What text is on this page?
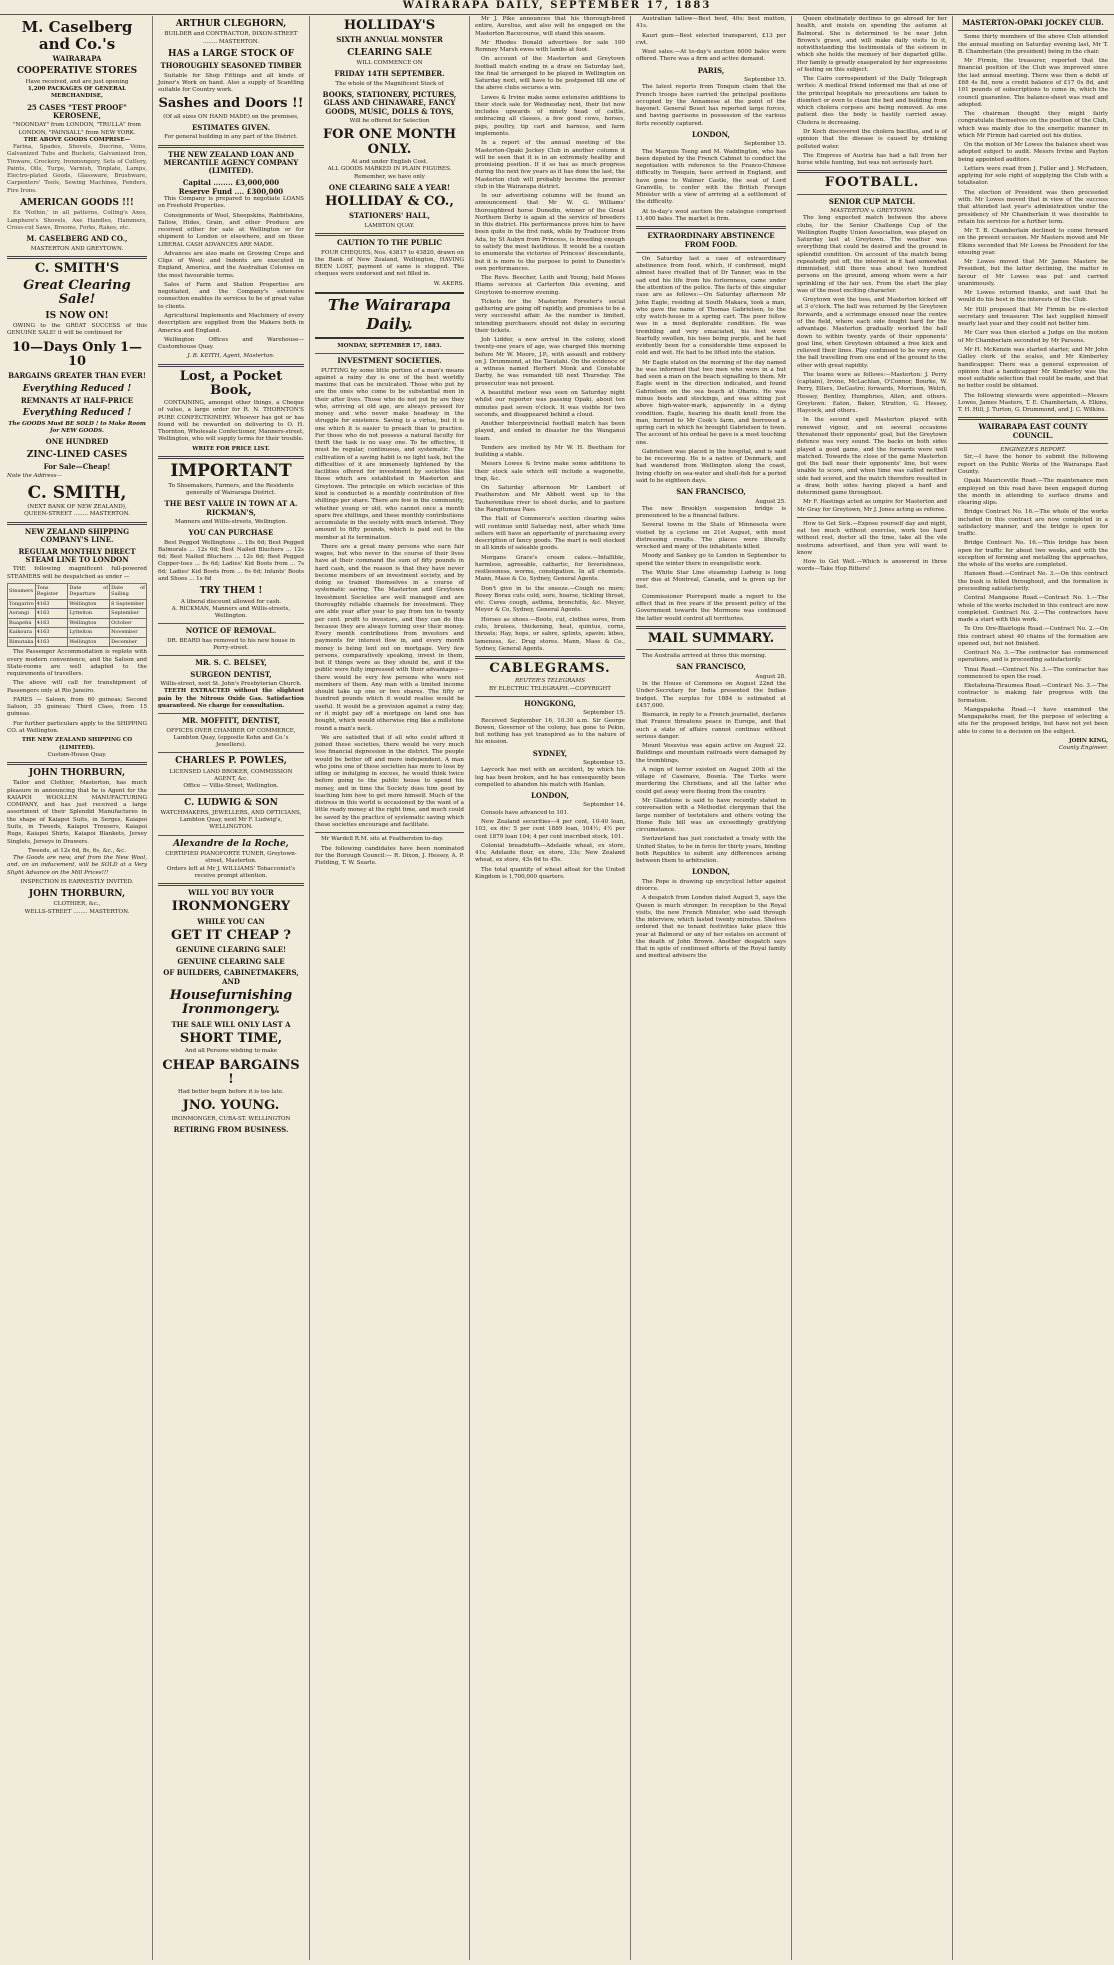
WAIRARAPA DAILY, SEPTEMBER 17, 1883
M. Caselberg and Co.'s
WAIRARAPA
COOPERATIVE STORES
Have received, and are just opening
1,200 PACKAGES OF GENERAL MERCHANDISE,
25 CASES "TEST PROOF" KEROSENE,
"NOONDAY" from LONDON, "TRULLA" from LONDON, "PAINSALL" from NEW YORK.
THE ABOVE GOODS COMPRISE—

Farina, Spades, Shovels, Ducrine, Veins, Galvanized Tubs and Buckets, Galvanized Iron, Tinware, Crockery, Ironmongery, Sets of Cutlery, Paints, Oils, Turps, Varnish, Tinplate, Lamps, Electro-plated Goods, Glassware, Brushware, Carpenters' Tools, Sewing Machines, Fenders, Fire Irons.

AMERICAN GOODS !!!

Ex 'Nothin,' in all patterns, Colling's Axes, Lanphere's Shovels, Axe Handles, Hammers, Cross-cut Saws, Brooms, Forks, Rakes, etc.

M. CASELBERG AND CO.,
MASTERTON AND GREYTOWN.
C. SMITH'S
Great Clearing Sale!
IS NOW ON!

OWING to the GREAT SUCCESS of this GENUINE SALE! it will be continued for

10—Days Only 1—10
BARGAINS GREATER THAN EVER!
Everything Reduced !
REMNANTS AT HALF-PRICE
Everything Reduced !
The GOODS Must BE SOLD ! to Make Room for NEW GOODS.
ONE HUNDRED
ZINC-LINED CASES
For Sale—Cheap!
Note the Address—
C. SMITH,
(NEXT BANK OF NEW ZEALAND),
QUEEN-STREET ........ MASTERTON.
NEW ZEALAND SHIPPING COMPANY'S LINE.
REGULAR MONTHLY DIRECT STEAM LINE TO LONDON

THE following magnificent full-powered STEAMERS will be despatched as under —

Steamers	Tons Register	Date of Departure	Date of Sailing
Tongariro	4163	Wellington	8 September
Aorangi	4163	Lyttelton	September
Ruapehu	4163	Wellington	October
Kaikoura	4163	Lyttelton	November
Rimutaka	4163	Wellington	December

The Passenger Accommodation is replete with every modern convenience, and the Saloon and State-rooms are well adapted to the requirements of travellers.

The above will call for transhipment of Passengers only at Rio Janeiro.

FARES — Saloon, from 60 guineas; Second Saloon, 35 guineas; Third Class, from 15 guineas.

For further particulars apply to the SHIPPING CO. at Wellington.

THE NEW ZEALAND SHIPPING CO (LIMITED).
Custom-House Quay.
JOHN THORBURN,

Tailor and Clothier, Masterton, has much pleasure in announcing that he is Agent for the KAIAPOI WOOLLEN MANUFACTURING COMPANY, and has just received a large assortment of their Splendid Manufactures in the shape of Kaiapoi Suits, in Serges, Kaiapoi Suits, in Tweeds, Kaiapoi Trousers, Kaiapoi Rugs, Kaiapoi Shirts, Kaiapoi Blankets, Jersey Singlets, Jerseys in Drawers.

Tweeds, at 12s 6d, 8s, 6s, &c., &c.

The Goods are new, and from the New Wool, and, on an inducement, will be SOLD at a Very Slight Advance on the Mill Prices!!!

INSPECTION IS EARNESTLY INVITED.
JOHN THORBURN,
CLOTHIER, &c.,
WELLS-STREET ........ MASTERTON.
ARTHUR CLEGHORN,
BUILDER and CONTRACTOR, DIXON-STREET ........ MASTERTON.
HAS a LARGE STOCK OF
THOROUGHLY SEASONED TIMBER

Suitable for Shop Fittings and all kinds of Joiner's Work on hand. Also a supply of Scantling suitable for Country work.

Sashes and Doors !!
(Of all sizes ON HAND MADE) on the premises,
ESTIMATES GIVEN.
For general building in any part of the District.
THE NEW ZEALAND LOAN AND MERCANTILE AGENCY COMPANY (LIMITED).
Capital ........ £3,000,000
Reserve Fund .... £300,000

This Company is prepared to negotiate LOANS on Freehold Properties.

Consignments of Wool, Sheepskins, Rabbitskins, Tallow, Hides, Grain, and other Produce are received either for sale at Wellington or for shipment to London or elsewhere, and on these LIBERAL CASH ADVANCES ARE MADE.

Advances are also made on Growing Crops and Clips of Wool; and Indents are executed in England, America, and the Australian Colonies on the most favourable terms.

Sales of Farm and Station Properties are negotiated, and the Company's extensive connection enables its services to be of great value to clients.

Agricultural Implements and Machinery of every description are supplied from the Makers both in America and England.

Wellington Offices and Warehouse—Customhouse Quay.

J. B. KEITH, Agent, Masterton.
Lost, a Pocket Book,

CONTAINING, amongst other things, a Cheque of value, a large order for R. N. THORNTON'S PURE CONFECTIONERY. Whoever has got or has found will be rewarded on delivering to O. H. Thornton, Wholesale Confectioner, Manners-street, Wellington, who will supply terms for their trouble.

WRITE FOR PRICE LIST.
IMPORTANT
To Shoemakers, Farmers, and the Residents generally of Wairarapa District.
THE BEST VALUE IN TOWN AT A. RICKMAN'S,
Manners and Willis-streets, Wellington.
YOU CAN PURCHASE

Best Pegged Wellingtons ... 18s 6d; Best Pegged Balmorals ... 12s 6d; Best Nailed Bluchers ... 12s 6d; Best Nailed Bluchers ... 12s 6d; Best Pegged Copper-toes ... 8s 6d; Ladies' Kid Boots from ... 7s 6d; Ladies' Kid Boots from ... 6s 6d; Infants' Boots and Shoes ... 1s 6d

TRY THEM !
A liberal discount allowed for cash.
A. RICKMAN, Manners and Willis-streets, Wellington.
NOTICE OF REMOVAL.
DR. BEARD has removed to his new house in Perry-street.
MR. S. C. BELSEY,
SURGEON DENTIST,
Willis-street, next St. John's Presbyterian Church.

TEETH EXTRACTED without the slightest pain by the Nitrous Oxide Gas. Satisfaction guaranteed. No charge for consultation.

MR. MOFFITT, DENTIST,
OFFICES OVER CHAMBER OF COMMERCE,
Lambton Quay, (opposite Kohn and Co.'s Jewellers).
CHARLES P. POWLES,
LICENSED LAND BROKER, COMMISSION AGENT, &c.
Office — Villis-Street, Wellington.
C. LUDWIG & SON
WATCHMAKERS, JEWELLERS, AND OPTICIANS,
Lambton Quay, next Mr F. Ludwig's, WELLINGTON.
Alexandre de la Roche,
CERTIFIED PIANOFORTE TUNER, Greytown-street, Masterton.
Orders left at Mr J. WILLIAMS' Tobacconist's receive prompt attention.
WILL YOU BUY YOUR
IRONMONGERY
WHILE YOU CAN
GET IT CHEAP ?
GENUINE CLEARING SALE!
GENUINE CLEARING SALE
OF BUILDERS, CABINETMAKERS, AND
Housefurnishing Ironmongery.
THE SALE WILL ONLY LAST A
SHORT TIME,
And all Persons wishing to make
CHEAP BARGAINS !
Had better begin before it is too late.
JNO. YOUNG.
IRONMONGER, CUBA-ST. WELLINGTON
RETIRING FROM BUSINESS.
HOLLIDAY'S
SIXTH ANNUAL MONSTER
CLEARING SALE
WILL COMMENCE ON
FRIDAY 14TH SEPTEMBER.
The whole of the Magnificent Stock of
BOOKS, STATIONERY, PICTURES, GLASS AND CHINAWARE, FANCY GOODS, MUSIC, DOLLS & TOYS,
Will be offered for Selection
FOR ONE MONTH ONLY.
At and under English Cost.
ALL GOODS MARKED IN PLAIN FIGURES. Remember, we have only
ONE CLEARING SALE A YEAR!
HOLLIDAY & CO.,
STATIONERS' HALL,
LAMBTON QUAY.
CAUTION TO THE PUBLIC

FOUR CHEQUES, Nos. 43817 to 43820, drawn on the Bank of New Zealand, Wellington, HAVING BEEN LOST, payment of same is stopped. The cheques were endorsed and not filled in.

W. AKERS.
The Wairarapa Daily.
MONDAY, SEPTEMBER 17, 1883.
INVESTMENT SOCIETIES.

PUTTING by some little portion of a man's means against a rainy day is one of the best worldly maxims that can be inculcated. Those who put by are the ones who come to be substantial men in their after lives. Those who do not put by are they who, arriving at old age, are always pressed for money and who never make headway in the struggle for existence. Saving is a virtue, but it is one which it is easier to preach than to practice. For those who do not possess a natural faculty for thrift the task is no easy one. To be effective, it must be regular, continuous, and systematic. The cultivation of a saving habit is no light task, but the difficulties of it are immensely lightened by the facilities offered for investment by societies like those which are established in Masterton and Greytown. The principle on which societies of this kind is conducted is a monthly contribution of five shillings per share. There are few in the community, whether young or old, who cannot once a month spare five shillings, and these monthly contributions accumulate in the society with much interest. They amount to fifty pounds, which is paid out to the member at its termination.

There are a great many persons who earn fair wages, but who never in the course of their lives have at their command the sum of fifty pounds in hard cash, and the reason is that they have never become members of an investment society, and by doing so trained themselves in a course of systematic saving. The Masterton and Greytown Investment Societies are well managed and are thoroughly reliable channels for investment. They are able year after year to pay from ten to twenty per cent. profit to investors, and they can do this because they are always turning over their money. Every month contributions from investors and payments for interest flow in, and every month money is being lent out on mortgage. Very few persons, comparatively speaking, invest in them, but if things were as they should be, and if the public were fully impressed with their advantages—there would be very few persons who were not members of them. Any man with a limited income should take up one or two shares. The fifty or hundred pounds which it would realise would be useful. It would be a provision against a rainy day, or it might pay off a mortgage on land one has bought, which would otherwise ring like a millstone round a man's neck.

We are satisfied that if all who could afford it joined these societies, there would be very much less financial depression in the district. The people would be better off and more independent. A man who joins one of these societies has more to lose by idling or indulging in excess, he would think twice before going to the public house to spend his money, and in time the Society does him good by teaching him how to get more himself. Much of the distress in this world is occasioned by the want of a little ready money at the right time, and much could be saved by the practice of systematic saving which these societies encourage and facilitate.

Mr Wardell R.M. sits at Featherston to-day.

The following candidates have been nominated for the Borough Council:— R. Dixon, J. Hessey, A. P. Fielding, T. W. Searle.

Mr J. Pike announces that his thorough-bred entire, Aurelius, and also will be engaged on the Masterton Racecourse, will stand this season.

Mr Rhodes Donald advertises for sale 100 Romney Marsh ewes with lambs at foot.

On account of the Masterton and Greytown football match ending in a draw on Saturday last, the final tie arranged to be played in Wellington on Saturday next, will have to be postponed till one of the above clubs secures a win.

Lowes & Irvine make some extensive additions to their stock sale for Wednesday next, their list now includes upwards of ninety head of cattle, embracing all classes, a few good cows, horses, pigs, poultry, tip cart and harness, and farm implements.

In a report of the annual meeting of the Masterton-Opaki Jockey Club in another column it will be seen that it is in an extremely healthy and promising position. If it so has as much progress during the next few years as it has done the last, the Masterton club will probably become the premier club in the Wairarapa district.

In our advertising columns will be found an announcement that Mr W. G. Williams' thoroughbred horse Dunedin, winner of the Great Northern Derby is again at the service of breeders in this district. His performances prove him to have been quite in the first rank, while by Traducer from Ada, by St Aubyn from Princess, is breeding enough to satisfy the most fastidious. It would be a caution to enumerate the victories of Princess' descendants, but it is more to the purpose to point to Dunedin's own performances.

The Revs. Beecher, Leith and Young, held Moses Hiams services at Carterton this evening, and Greytown to-morrow evening.

Tickets for the Masterton Forester's social gathering are going off rapidly, and promises to be a very successful affair. As the number is limited, intending purchasers should not delay in securing their tickets.

Job Lidder, a new arrival in the colony, stood twenty-one years of age, was charged this morning before Mr W. Moore, J.P., with assault and robbery on J. Drummond, at the Taratahi. On the evidence of a witness named Herbert Monk and Constable Darby, he was remanded till next Thursday. The prosecutor was not present.

A beautiful meteor was seen on Saturday night whilst our reporter was passing Opaki, about ten minutes past seven o'clock. It was visible for two seconds, and disappeared behind a cloud.

Another Interprovincial football match has been played, and ended in disaster for the Wanganui team.

Tenders are invited by Mr W. H. Beetham for building a stable.

Messrs Lowes & Irvine make some additions to their stock sale which will include a wagonette, trap, &c.

On Saturday afternoon Mr Lambert of Featherston and Mr Abbott went up to the Tauherenikau river to shoot ducks, and to pasture the Rangitumau Pass.

The Hall of Commerce's auction clearing sales will continue until Saturday next, after which time sellers will have an opportunity of purchasing every description of fancy goods. The mart is well stocked in all kinds of saleable goods.

Morgans Grace's cream cakes.—Infallible, harmless, agreeable, cathartic, for feverishness, restlessness, worms, constipation. In all chemists. Mann, Mase & Co, Sydney, General Agents.

Don't give in to the sneeze.—Cough no more; Rosey Borax cuts cold, sore, hoarse, tickling throat, etc. Cures cough, asthma, bronchitis, &c. Meyer, Meyer & Co, Sydney, General Agents.

Horses as shoes.—Boots, cut, clothes sores, from cuts, bruises, thickening, heat, quintus, corns, throats; Hay, hops, or sabre, splints, spavin; kibes, lameness, &c. Drug stores. Mann, Mase & Co., Sydney, General Agents.

CABLEGRAMS.
REUTER'S TELEGRAMS
BY ELECTRIC TELEGRAPH.—COPYRIGHT
HONGKONG,
September 15.

Received September 16, 10.30 a.m. Sir George Bowen, Governor of the colony, has gone to Pekin, but nothing has yet transpired as to the nature of his mission.

SYDNEY,
September 15.

Laycock has met with an accident, by which his leg has been broken, and he has consequently been compelled to abandon his match with Hanlan.

LONDON,
September 14.

Consols have advanced to 101.

New Zealand securities—4 per cent, 10-40 loan, 103, ex div; 5 per cent 1889 loan, 104½; 4½ per cent 1879 loan 104; 4 per cent inscribed stock, 101.

Colonial breadstuffs—Adelaide wheat, ex store, 41s; Adelaide flour, ex store, 33s; New Zealand wheat, ex store, 43s 6d to 45s.

The total quantity of wheat afloat for the United Kingdom is 1,700,000 quarters.

Australian tallow—Best beef, 40s; best mutton, 41s.

Kauri gum—Best selected transparent, £13 per cwt.

Wool sales.—At to-day's auction 6000 bales were offered. There was a firm and active demand.

PARIS,
September 15.

The latest reports from Tonquin claim that the French troops have carried the principal positions occupied by the Annamese at the point of the bayonet. General Bouet has reported large forces, and having garrisons in possession of the various forts recently captured.

LONDON,
September 15.

The Marquis Tseng and M. Waddington, who has been deputed by the French Cabinet to conduct the negotiation with reference to the Franco-Chinese difficulty in Tonquin, have arrived in England, and have gone to Walmer Castle, the seat of Lord Granville, to confer with the British Foreign Minister with a view of arriving at a settlement of the difficulty.

At to-day's wool auction the catalogue comprised 11,400 bales. The market is firm.

EXTRAORDINARY ABSTINENCE FROM FOOD.

On Saturday last a case of extraordinary abstinence from food, which, if confirmed, might almost have rivalled that of Dr Tanner, was in the sad end his life from his forlornness, came under the attention of the police. The facts of this singular case are as follows:—On Saturday afternoon Mr John Eagle, residing at South Makara, took a man, who gave the name of Thomas Gabrielsen, to the city watch-house in a spring cart. The poor fellow was in a most deplorable condition. He was trembling and very emaciated, his feet were fearfully swollen, his toes being purple, and he had evidently been for a considerable time exposed to cold and wet. He had to be lifted into the station.

Mr Eagle stated on the morning of the day named he was informed that two men who were in a hut had seen a man on the beach signalling to them. Mr Eagle went in the direction indicated, and found Gabrielsen on the sea beach at Ohariu. He was minus boots and stockings, and was sitting just above high-water-mark, apparently in a dying condition. Eagle, hearing his death knell from the man, hurried to Mr Cook's farm, and borrowed a spring cart in which he brought Gabrielsen to town. The account of his ordeal he gave is a most touching one.

Gabrielsen was placed in the hospital, and is said to be recovering. He is a native of Denmark, and had wandered from Wellington along the coast, living chiefly on sea-water and shell-fish for a period said to be eighteen days.

SAN FRANCISCO,
August 25.

The new Brooklyn suspension bridge is pronounced to be a financial failure.

Several towns in the State of Minnesota were visited by a cyclone on 21st August, with most distressing results. The places were literally wrecked and many of the inhabitants killed.

Moody and Sankey go to London in September to spend the winter there in evangelistic work.

The White Star Line steamship Ludwig is long over due at Montreal, Canada, and is given up for lost.

Commissioner Pierrepont made a report to the effect that in five years if the present policy of the Government towards the Mormons was continued the latter would control all territories.

MAIL SUMMARY.

The Australia arrived at three this morning.

SAN FRANCISCO,
August 28.

In the House of Commons on August 22nd the Under-Secretary for India presented the Indian budget. The surplus for 1884 is estimated at £457,000.

Bismarck, in reply to a French journalist, declares that France threatens peace in Europe, and that such a state of affairs cannot continue without serious danger.

Mount Vesuvius was again active on August 22. Buildings and mountain railroads were damaged by the tremblings.

A reign of terror existed on August 20th at the village of Casenave, Bosnia. The Turks were murdering the Christians, and all the latter who could get away were fleeing from the country.

Mr Gladstone is said to have recently stated in conversation with a Methodist clergyman that the large number of teetotalers and others voting the Home Rule bill was an exceedingly gratifying circumstance.

Switzerland has just concluded a treaty with the United States, to be in force for thirty years, binding both Republics to submit any differences arising between them to arbitration.

LONDON,

The Pope is drawing up encyclical letter against divorce.

A despatch from London dated August 5, says the Queen is much stronger. In reception to the Royal visits, the new French Minister, who said through the interview, which lasted twenty minutes. Shelves ordered that no tenant festivities take place this year at Balmoral or any of her estates on account of the death of John Brown. Another despatch says that in spite of continued efforts of the Royal family and medical advisers the

Queen obstinately declines to go abroad for her health, and insists on spending the autumn at Balmoral. She is determined to be near John Brown's grave, and will make daily visits to it, notwithstanding the testimonials of the esteem in which she holds the memory of her departed gillie. Her family is greatly exasperated by her expressions of feeling on this subject.

The Cairo correspondent of the Daily Telegraph writes: A medical friend informed me that at one of the principal hospitals no precautions are taken to disinfect or even to clean the bed and building from which cholera corpses are being removed. As one patient dies the body is hastily carried away. Cholera is decreasing.

Dr Koch discovered the cholera bacillus, and is of opinion that the disease is caused by drinking polluted water.

The Empress of Austria has had a fall from her horse while hunting, but was not seriously hurt.

FOOTBALL.
SENIOR CUP MATCH.
MASTERTON v. GREYTOWN.

The long expected match between the above clubs, for the Senior Challenge Cup of the Wellington Rugby Union Association, was played on Saturday last at Greytown. The weather was everything that could be desired and the ground in splendid condition. On account of the match being repeatedly put off, the interest in it had somewhat diminished, still there was about two hundred persons on the ground, among whom were a fair sprinkling of the fair sex. From the start the play was of the most exciting character.

Greytown won the toss, and Masterton kicked off at 3 o'clock. The ball was returned by the Greytown forwards, and a scrimmage ensued near the centre of the field, where each side fought hard for the advantage. Masterton gradually worked the ball down to within twenty yards of their opponents' goal line, when Greytown obtained a free kick and relieved their lines. Play continued to be very even, the ball travelling from one end of the ground to the other with great rapidity.

The teams were as follows:—Masterton: J. Perry (captain), Irvine, McLachlan, O'Connor, Bourke, W. Perry, Ellers, DeCastro; forwards, Morrison, Welch, Hessey, Bentley, Humphries, Allen, and others. Greytown: Eaton, Baker, Strutton, G. Hessey, Haycock, and others.

In the second spell Masterton played with renewed vigour, and on several occasions threatened their opponents' goal, but the Greytown defence was very sound. The backs on both sides played a good game, and the forwards were well matched. Towards the close of the game Masterton got the ball near their opponents' line, but were unable to score, and when time was called neither side had scored, and the match therefore resulted in a draw, both sides having played a hard and determined game throughout.

Mr F. Hastings acted as umpire for Masterton and Mr Gray for Greytown, Mr J. Jones acting as referee.

How to Get Sick.—Expose yourself day and night, eat too much without exercise, work too hard without rest, doctor all the time, take all the vile nostrums advertised, and then you will want to know

How to Get Well.—Which is answered in three words—Take Hop Bitters!

MASTERTON-OPAKI JOCKEY CLUB.

Some thirty members of the above Club attended the annual meeting on Saturday evening last, Mr T. B. Chamberlain (the president) being in the chair.

Mr Firmin, the treasurer, reported that the financial position of the Club was improved since the last annual meeting. There was then a debit of £68 4s 8d, now a credit balance of £17 0s 8d, and 101 pounds of subscriptions to come in, which the council guarantee. The balance-sheet was read and adopted.

The chairman thought they might fairly congratulate themselves on the position of the Club, which was mainly due to the energetic manner in which Mr Firmin had carried out his duties.

On the motion of Mr Lowes the balance sheet was adopted subject to audit. Messrs Irvine and Payton being appointed auditors.

Letters were read from J. Fuller and J. McFadzen, applying for sole right of supplying the Club with a totalisator.

The election of President was then proceeded with. Mr Lowes moved that in view of the success that attended last year's administration under the presidency of Mr Chamberlain it was desirable to retain his services for a further term.

Mr T. B. Chamberlain declined to come forward on the present occasion. Mr Masters moved and Mr Elkins seconded that Mr Lowes be President for the ensuing year.

Mr Lowes moved that Mr James Masters be President, but the latter declining, the matter in favour of Mr Lowes was put and carried unanimously.

Mr Lowes returned thanks, and said that he would do his best in the interests of the Club.

Mr Hill proposed that Mr Firmin be re-elected secretary and treasurer. The last supplied himself nearly last year and they could not better him.

Mr Carr was then elected a Judge on the motion of Mr Chamberlain seconded by Mr Parsons.

Mr H. McKenzie was started starter, and Mr John Galley clerk of the scales, and Mr Kimberley handicapper. There was a general expression of opinion that a handicapper Mr Kimberley was the most suitable selection that could be made, and that no better could be obtained.

The following stewards were appointed:—Messrs Lowes, James Masters, T. E. Chamberlain, A. Elkins, T. H. Hill, J. Turton, G. Drummond, and J. C. Wilkins.

WAIRARAPA EAST COUNTY COUNCIL.
ENGINEER'S REPORT.

Sir,—I have the honor to submit the following report on the Public Works of the Wairarapa East County.

Opaki Mauriceville Road.—The maintenance men employed on this road have been engaged during the month in attending to surface drains and clearing slips.

Bridge Contract No. 16.—The whole of the works included in this contract are now completed in a satisfactory manner, and the bridge is open for traffic.

Bridge Contract No. 16.—This bridge has been open for traffic for about two weeks, and with the exception of forming and metalling the approaches, the whole of the works are completed.

Hansen Road.—Contract No. 3.—On this contract the bush is felled throughout, and the formation is proceeding satisfactorily.

Central Mangaone Road.—Contract No. 1.—The whole of the works included in this contract are now completed. Contract No. 2.—The contractors have made a start with this work.

Te Ore Ore-Blairlogie Road.—Contract No. 2.—On this contract about 40 chains of the formation are opened out, but not finished.

Contract No. 3.—The contractor has commenced operations, and is proceeding satisfactorily.

Tinui Road.—Contract No. 3.—The contractor has commenced to open the road.

Eketahuna-Tiraumea Road.—Contract No. 3.—The contractor is making fair progress with the formation.

Mangapakeha Road.—I have examined the Mangapakeha road, for the purpose of selecting a site for the proposed bridge, but have not yet been able to come to a decision on the subject.

JOHN KING,
County Engineer.
